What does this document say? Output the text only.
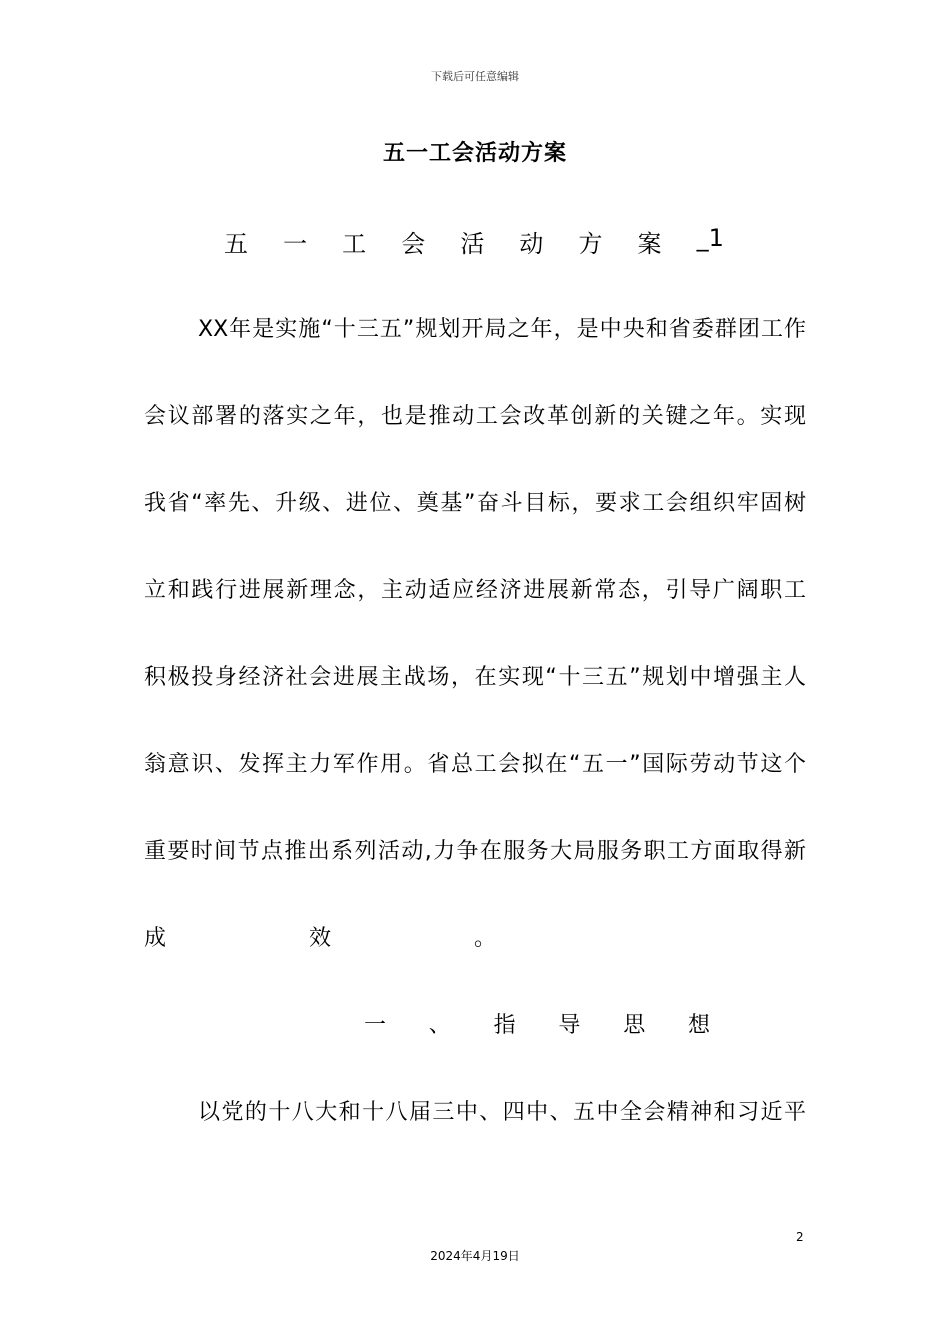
下载后可任意编辑
五一工会活动方案
五 一 工 会 活 动 方 案 _1
XX年是实施“十三五”规划开局之年，是中央和省委群团工作
会议部署的落实之年，也是推动工会改革创新的关键之年。实现
我省“率先、升级、进位、奠基”奋斗目标，要求工会组织牢固树
立和践行进展新理念，主动适应经济进展新常态，引导广阔职工
积极投身经济社会进展主战场，在实现“十三五”规划中增强主人
翁意识、发挥主力军作用。省总工会拟在“五一”国际劳动节这个
重要时间节点推出系列活动,力争在服务大局服务职工方面取得新
成	效	。
一 、 指 导 思 想
以党的十八大和十八届三中、四中、五中全会精神和习近平
2
2024年4月19日
